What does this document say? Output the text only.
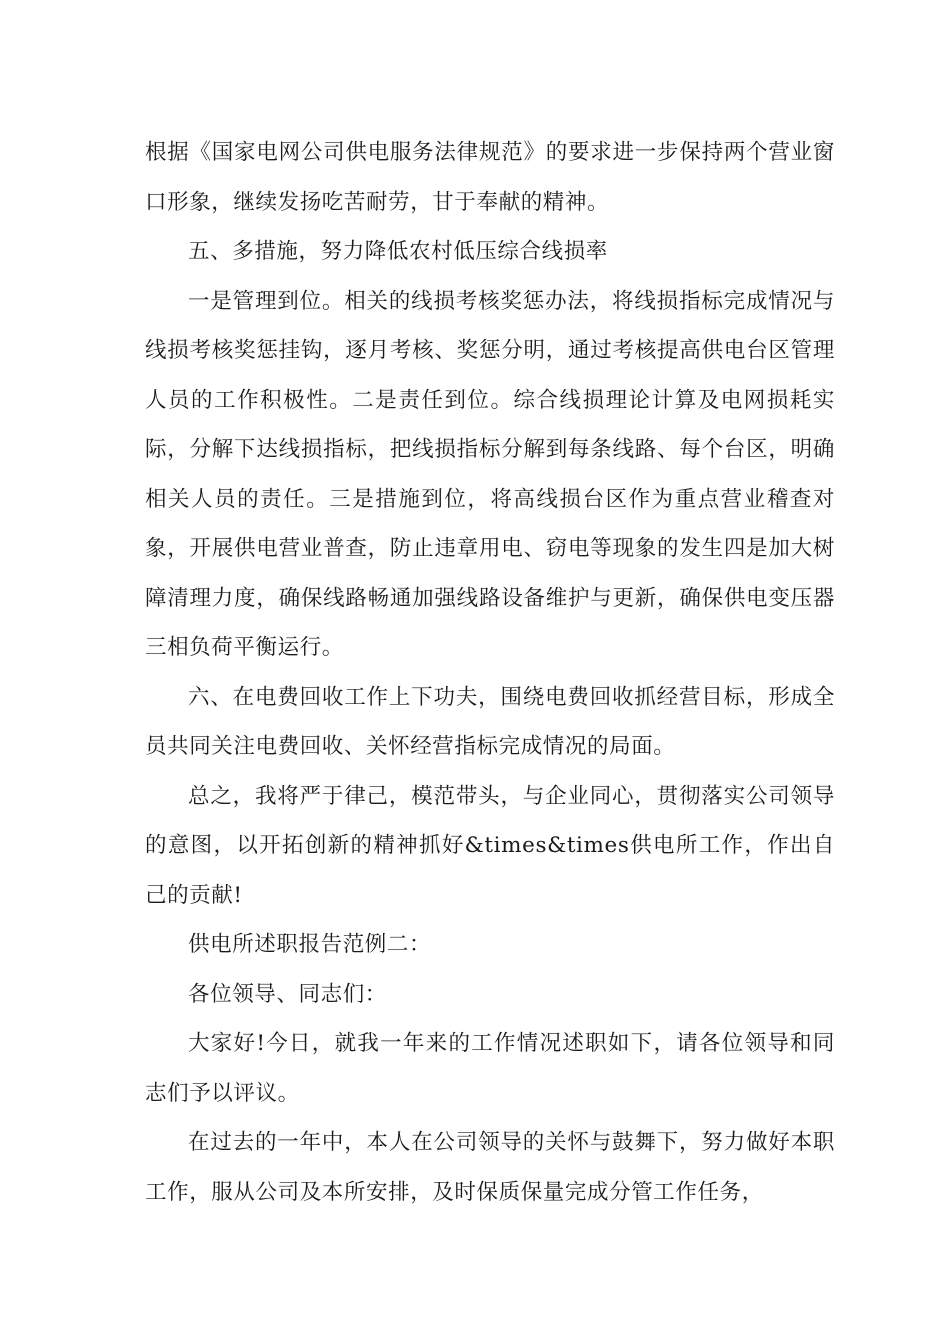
根据《国家电网公司供电服务法律规范》的要求进一步保持两个营业窗口形象，继续发扬吃苦耐劳，甘于奉献的精神。

五、多措施，努力降低农村低压综合线损率

一是管理到位。相关的线损考核奖惩办法，将线损指标完成情况与线损考核奖惩挂钩，逐月考核、奖惩分明，通过考核提高供电台区管理人员的工作积极性。二是责任到位。综合线损理论计算及电网损耗实际，分解下达线损指标，把线损指标分解到每条线路、每个台区，明确相关人员的责任。三是措施到位，将高线损台区作为重点营业稽查对象，开展供电营业普查，防止违章用电、窃电等现象的发生四是加大树障清理力度，确保线路畅通加强线路设备维护与更新，确保供电变压器三相负荷平衡运行。

六、在电费回收工作上下功夫，围绕电费回收抓经营目标，形成全员共同关注电费回收、关怀经营指标完成情况的局面。

总之，我将严于律己，模范带头，与企业同心，贯彻落实公司领导的意图，以开拓创新的精神抓好&times&times供电所工作，作出自己的贡献!

供电所述职报告范例二：

各位领导、同志们：

大家好!今日，就我一年来的工作情况述职如下，请各位领导和同志们予以评议。

在过去的一年中，本人在公司领导的关怀与鼓舞下，努力做好本职工作，服从公司及本所安排，及时保质保量完成分管工作任务，
